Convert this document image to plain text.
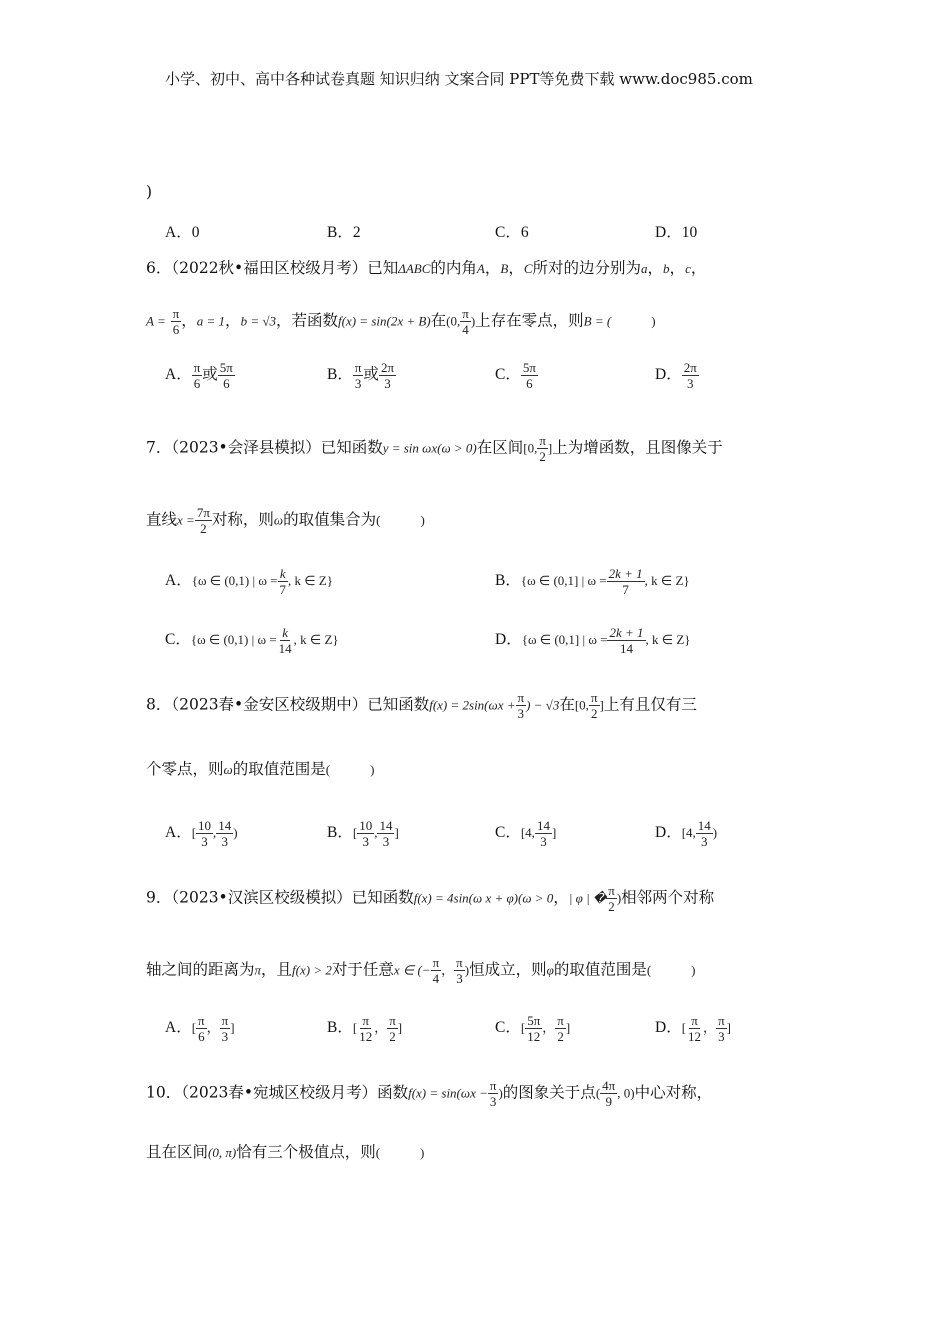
小学、初中、高中各种试卷真题 知识归纳 文案合同 PPT等免费下载 www.doc985.com
)
A．0	B．2	C．6	D．10
6．（2022秋•福田区校级月考）已知ΔABC的内角A，B，C所对的边分别为a，b，c，
$A = \frac{\pi}{6}$ ，a = 1，b = √3，若函数f(x) = sin(2x + B)在(0, $\frac{\pi}{4}$ )上存在零点，则B = (	)
A． $\frac{\pi}{6}$ 或 $\frac{5\pi}{6}$	B． $\frac{\pi}{3}$ 或 $\frac{2\pi}{3}$	C． $\frac{5\pi}{6}$	D． $\frac{2\pi}{3}$
7．（2023•会泽县模拟）已知函数y = sin ωx(ω > 0)在区间[0, $\frac{\pi}{2}$ ]上为增函数，且图像关于
直线$x = \frac{7\pi}{2}$ 对称，则ω的取值集合为(	)
A．{ω ∈ (0,1) | $\omega = \frac{k}{7}$ , k ∈ Z}	B．{ω ∈ (0,1] | $\omega = \frac{2k + 1}{7}$ , k ∈ Z}
C．{ω ∈ (0,1) | $\omega = \frac{k}{14}$ , k ∈ Z}	D．{ω ∈ (0,1] | $\omega = \frac{2k + 1}{14}$ , k ∈ Z}
8．（2023春•金安区校级期中）已知函数$f(x) = 2\sin(\omega x + \frac{\pi}{3}$ ) − √3在[0, $\frac{\pi}{2}$ ]上有且仅有三
个零点，则ω的取值范围是(	)
A．[ $\frac{10}{3}$ , $\frac{14}{3}$ )	B．[ $\frac{10}{3}$ , $\frac{14}{3}$ ]	C．[4, $\frac{14}{3}$ ]	D．[4, $\frac{14}{3}$ )
9．（2023•汉滨区校级模拟）已知函数f(x) = 4sin(ω x + φ)(ω > 0，| φ | � $\frac{\pi}{2}$ )相邻两个对称
轴之间的距离为π，且f(x) > 2对于任意x ∈ (− $\frac{\pi}{4}$ ， $\frac{\pi}{3}$ )恒成立，则φ的取值范围是(	)
A．[ $\frac{\pi}{6}$ ， $\frac{\pi}{3}$ ]	B．[ $\frac{\pi}{12}$ ， $\frac{\pi}{2}$ ]	C．[ $\frac{5\pi}{12}$ ， $\frac{\pi}{2}$ ]	D．[ $\frac{\pi}{12}$ ， $\frac{\pi}{3}$ ]
10．（2023春•宛城区校级月考）函数$f(x) = \sin(\omega x - \frac{\pi}{3}$ )的图象关于点( $\frac{4\pi}{9}$ , 0)中心对称，
且在区间(0, π)恰有三个极值点，则(	)
